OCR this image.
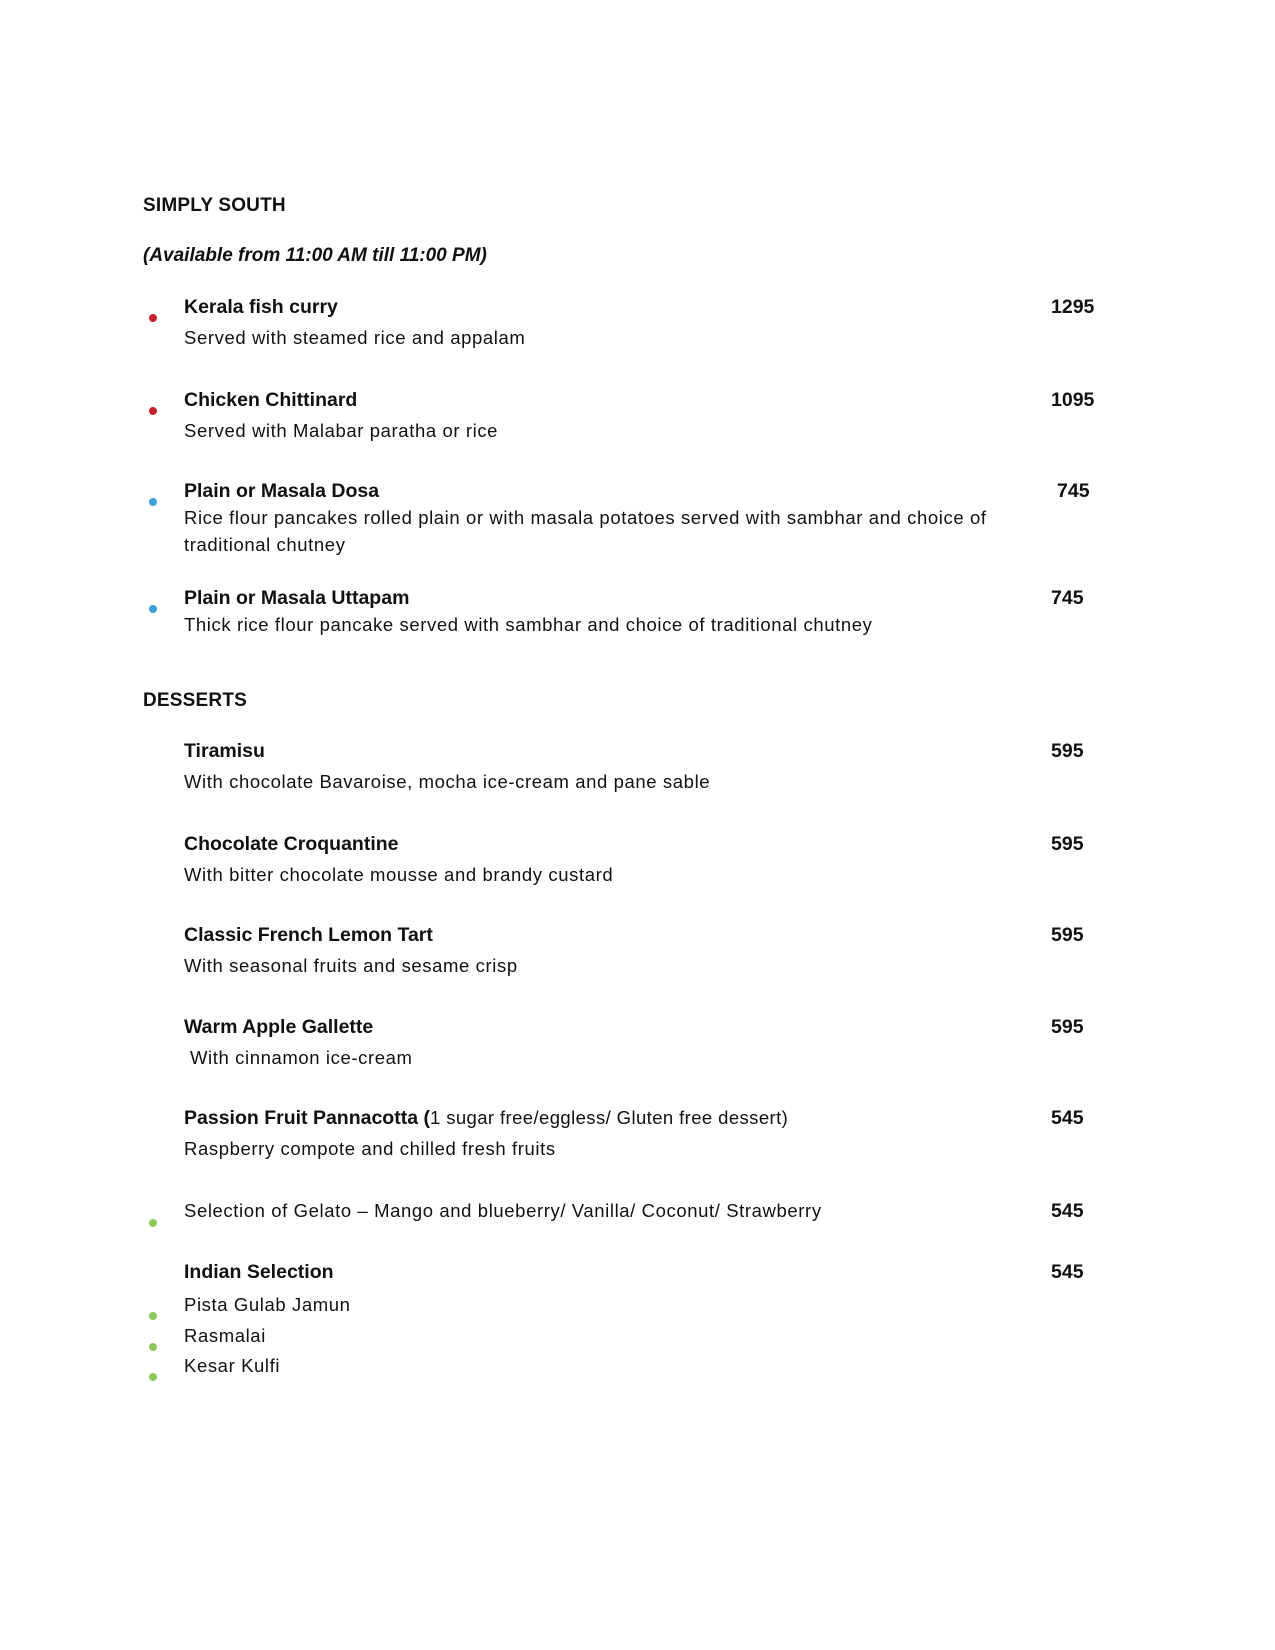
SIMPLY SOUTH
(Available from 11:00 AM till 11:00 PM)
Kerala fish curry	1295
Served with steamed rice and appalam
Chicken Chittinard	1095
Served with Malabar paratha or rice
Plain or Masala Dosa	745
Rice flour pancakes rolled plain or with masala potatoes served with sambhar and choice of
traditional chutney
Plain or Masala Uttapam	745
Thick rice flour pancake served with sambhar and choice of traditional chutney
DESSERTS
Tiramisu	595
With chocolate Bavaroise, mocha ice-cream and pane sable
Chocolate Croquantine	595
With bitter chocolate mousse and brandy custard
Classic French Lemon Tart	595
With seasonal fruits and sesame crisp
Warm Apple Gallette	595
With cinnamon ice-cream
Passion Fruit Pannacotta (1 sugar free/eggless/ Gluten free dessert)	545
Raspberry compote and chilled fresh fruits
Selection of Gelato – Mango and blueberry/ Vanilla/ Coconut/ Strawberry	545
Indian Selection	545
Pista Gulab Jamun
Rasmalai
Kesar Kulfi
